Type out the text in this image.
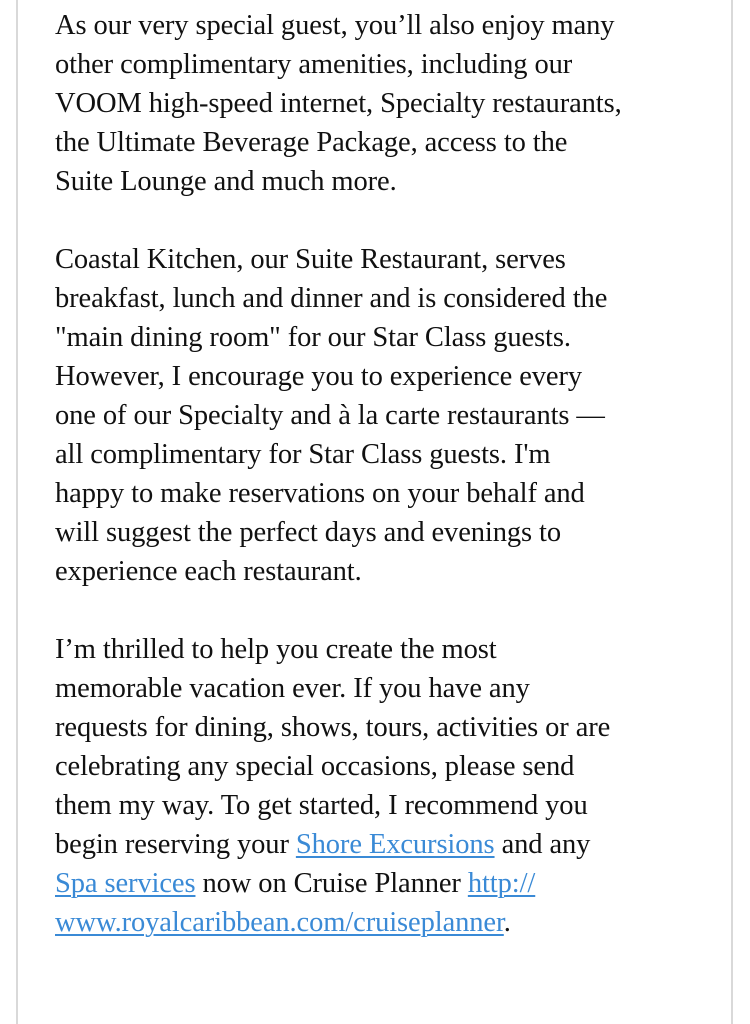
As our very special guest, you’ll also enjoy many
other complimentary amenities, including our
VOOM high-speed internet, Specialty restaurants,
the Ultimate Beverage Package, access to the
Suite Lounge and much more.

Coastal Kitchen, our Suite Restaurant, serves
breakfast, lunch and dinner and is considered the
"main dining room" for our Star Class guests.
However, I encourage you to experience every
one of our Specialty and à la carte restaurants —
all complimentary for Star Class guests. I'm
happy to make reservations on your behalf and
will suggest the perfect days and evenings to
experience each restaurant.

I’m thrilled to help you create the most
memorable vacation ever. If you have any
requests for dining, shows, tours, activities or are
celebrating any special occasions, please send
them my way. To get started, I recommend you
begin reserving your Shore Excursions and any
Spa services now on Cruise Planner http://
www.royalcaribbean.com/cruiseplanner.
